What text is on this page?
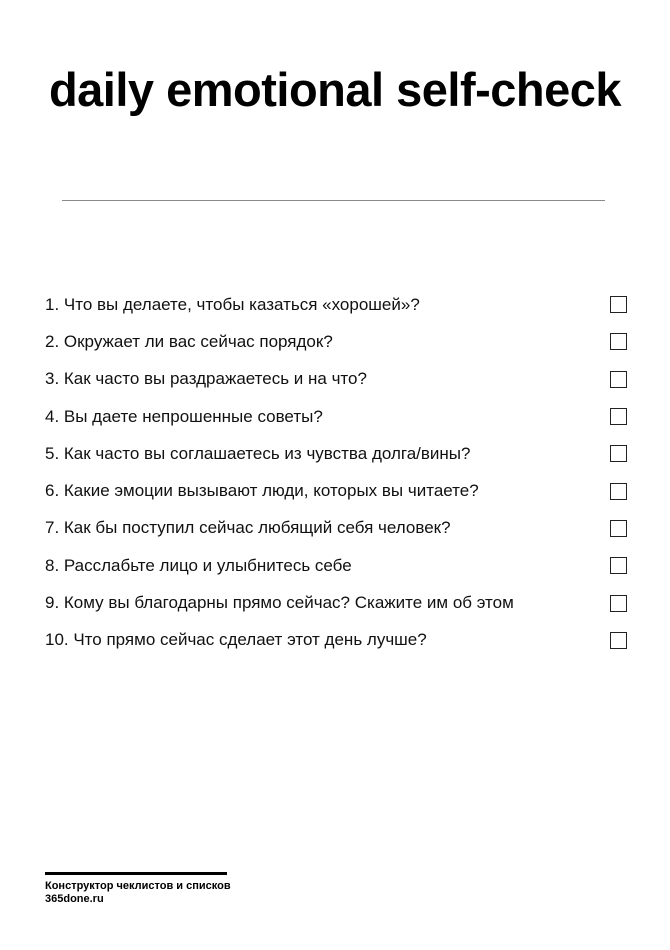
daily emotional self-check
1. Что вы делаете, чтобы казаться «хорошей»?
2. Окружает ли вас сейчас порядок?
3. Как часто вы раздражаетесь и на что?
4. Вы даете непрошенные советы?
5. Как часто вы соглашаетесь из чувства долга/вины?
6. Какие эмоции вызывают люди, которых вы читаете?
7. Как бы поступил сейчас любящий себя человек?
8. Расслабьте лицо и улыбнитесь себе
9. Кому вы благодарны прямо сейчас? Скажите им об этом
10. Что прямо сейчас сделает этот день лучше?
Конструктор чеклистов и списков
365done.ru
